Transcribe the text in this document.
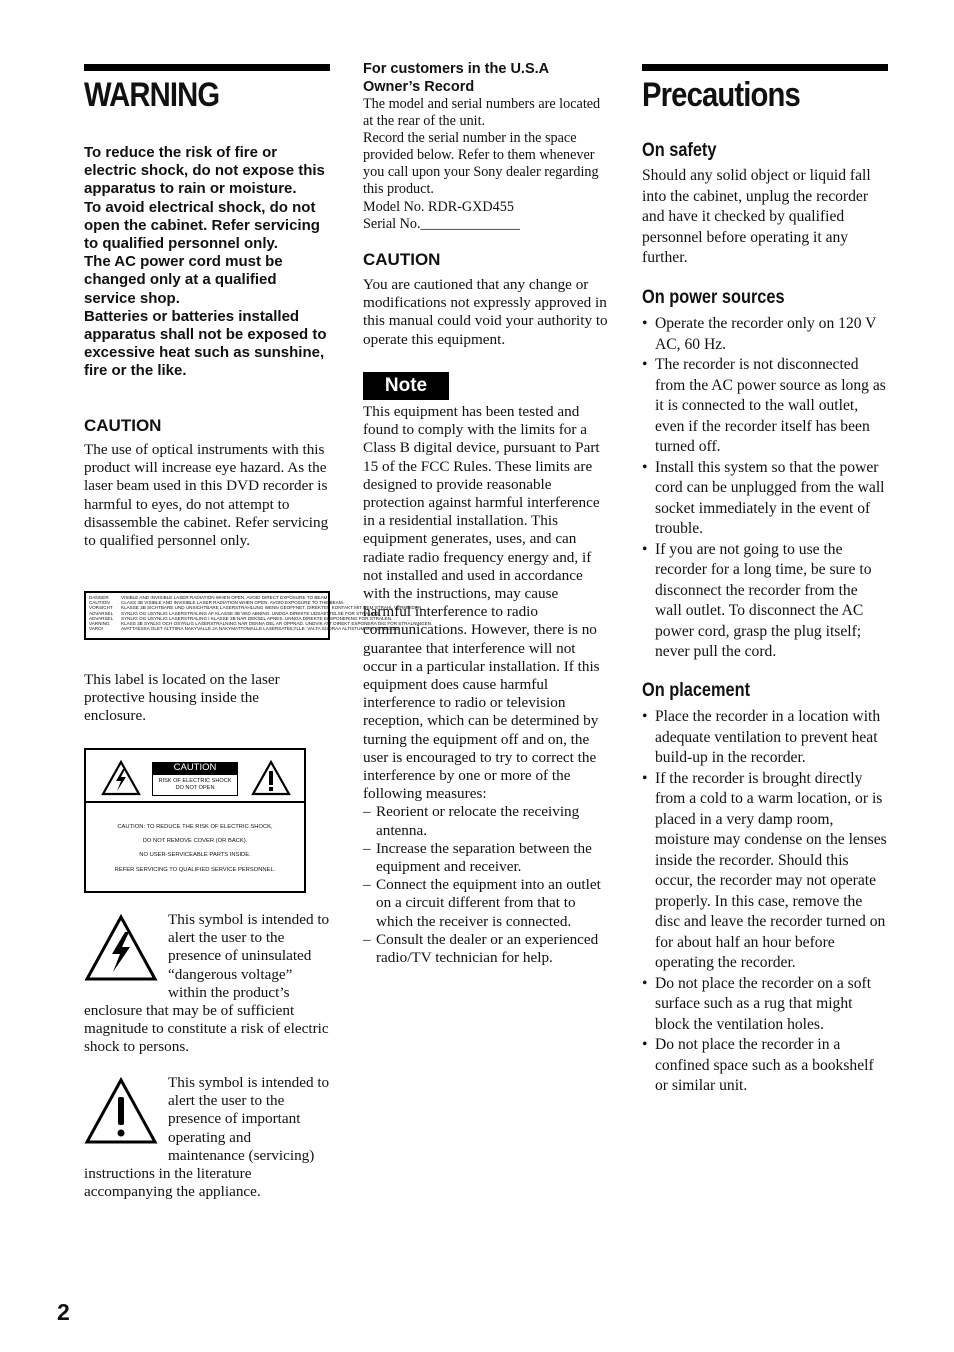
WARNING

To reduce the risk of fire or electric shock, do not expose this apparatus to rain or moisture.

To avoid electrical shock, do not open the cabinet. Refer servicing to qualified personnel only.

The AC power cord must be changed only at a qualified service shop.

Batteries or batteries installed apparatus shall not be exposed to excessive heat such as sunshine, fire or the like.

CAUTION
The use of optical instruments with this product will increase eye hazard. As the laser beam used in this DVD recorder is harmful to eyes, do not attempt to disassemble the cabinet. Refer servicing to qualified personnel only.
DANGER	VISIBLE AND INVISIBLE LASER RADIATION WHEN OPEN. AVOID DIRECT EXPOSURE TO BEAM.
CAUTION	CLASS 3B VISIBLE AND INVISIBLE LASER RADIATION WHEN OPEN. AVOID EXPOSURE TO THE BEAM.
VORSICHT	KLASSE 3B SICHTBARE UND UNSICHTBARE LASERSTRAHLUNG WENN GEOFFNET. DIREKTEN KONTAKT MIT DEM STRAHL VERMEIDEN.
ADVARSEL	SYNLIG OG USYNLIG LASERSTRALING AF KLASSE 3B VED ABNING. UNDGA DIREKTE UDSAETTELSE FOR STRALING.
ADVARSEL	SYNLIG OG USYNLIG LASERSTRALING I KLASSE 3B NAR DEKSEL APNES. UNNGA DIREKTE EKSPONERING FOR STRALEN.
VARNING	KLASS 3B SYNLIG OCH OSYNLIG LASERSTRALNING NAR DENNA DEL AR OPPNAD. UNDVIK ATT DIREKT EXPONERA DIG FOR STRALNINGEN.
VARO!	AVATTAESSA OLET ALTTIINA NAKYVALLE JA NAKYMATTOMALLE LASERSATEILYLLE. VALTA SUORAA ALTISTUMISTA SATEELLE.
This label is located on the laser protective housing inside the enclosure.
CAUTION
RISK OF ELECTRIC SHOCK
DO NOT OPEN
CAUTION: TO REDUCE THE RISK OF ELECTRIC SHOCK,
DO NOT REMOVE COVER (OR BACK).
NO USER-SERVICEABLE PARTS INSIDE.
REFER SERVICING TO QUALIFIED SERVICE PERSONNEL.
This symbol is intended to alert the user to the presence of uninsulated “dangerous voltage” within the product’s enclosure that may be of sufficient magnitude to constitute a risk of electric shock to persons.
This symbol is intended to alert the user to the presence of important operating and maintenance (servicing) instructions in the literature accompanying the appliance.
For customers in the U.S.A
Owner’s Record

The model and serial numbers are located at the rear of the unit.

Record the serial number in the space provided below. Refer to them whenever you call upon your Sony dealer regarding this product.

Model No. RDR-GXD455

Serial No.______________

CAUTION
You are cautioned that any change or modifications not expressly approved in this manual could void your authority to operate this equipment.
Note

This equipment has been tested and found to comply with the limits for a Class B digital device, pursuant to Part 15 of the FCC Rules. These limits are designed to provide reasonable protection against harmful interference in a residential installation. This equipment generates, uses, and can radiate radio frequency energy and, if not installed and used in accordance with the instructions, may cause harmful interference to radio communications. However, there is no guarantee that interference will not occur in a particular installation. If this equipment does cause harmful interference to radio or television reception, which can be determined by turning the equipment off and on, the user is encouraged to try to correct the interference by one or more of the following measures:

– Reorient or relocate the receiving antenna.
– Increase the separation between the equipment and receiver.
– Connect the equipment into an outlet on a circuit different from that to which the receiver is connected.
– Consult the dealer or an experienced radio/TV technician for help.
Precautions
On safety
Should any solid object or liquid fall into the cabinet, unplug the recorder and have it checked by qualified personnel before operating it any further.
On power sources
• Operate the recorder only on 120 V AC, 60 Hz.
• The recorder is not disconnected from the AC power source as long as it is connected to the wall outlet, even if the recorder itself has been turned off.
• Install this system so that the power cord can be unplugged from the wall socket immediately in the event of trouble.
• If you are not going to use the recorder for a long time, be sure to disconnect the recorder from the wall outlet. To disconnect the AC power cord, grasp the plug itself; never pull the cord.
On placement
• Place the recorder in a location with adequate ventilation to prevent heat build-up in the recorder.
• If the recorder is brought directly from a cold to a warm location, or is placed in a very damp room, moisture may condense on the lenses inside the recorder. Should this occur, the recorder may not operate properly. In this case, remove the disc and leave the recorder turned on for about half an hour before operating the recorder.
• Do not place the recorder on a soft surface such as a rug that might block the ventilation holes.
• Do not place the recorder in a confined space such as a bookshelf or similar unit.
2
